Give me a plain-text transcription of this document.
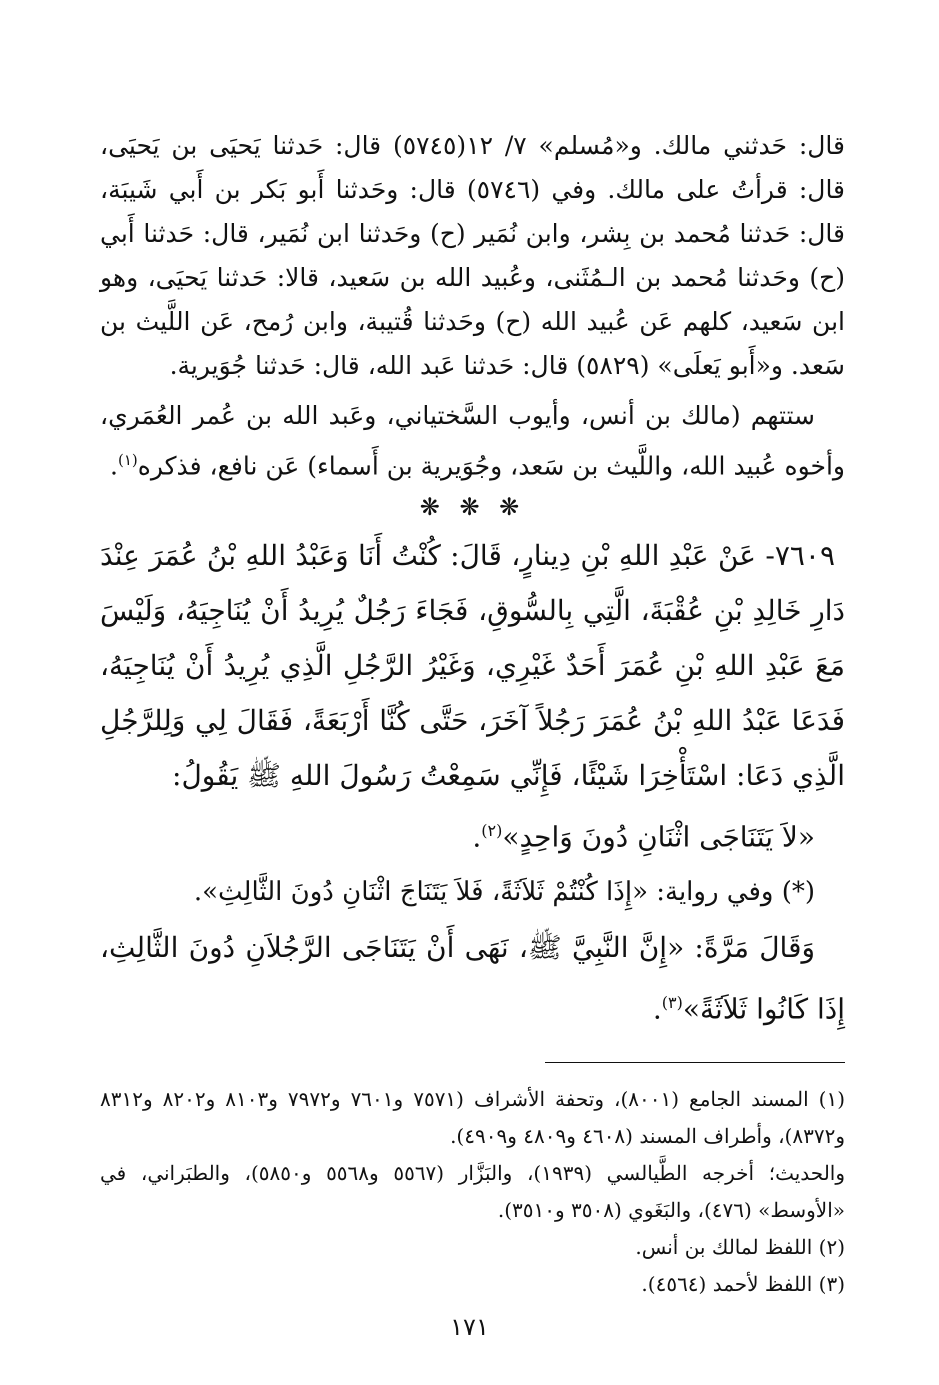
قال: حَدثني مالك. و«مُسلم» ٧/ ١٢(٥٧٤٥) قال: حَدثنا يَحيَى بن يَحيَى، قال: قرأتُ على مالك. وفي (٥٧٤٦) قال: وحَدثنا أَبو بَكر بن أَبي شَيبَة، قال: حَدثنا مُحمد بن بِشر، وابن نُمَير (ح) وحَدثنا ابن نُمَير، قال: حَدثنا أَبي (ح) وحَدثنا مُحمد بن الـمُثَنى، وعُبيد الله بن سَعيد، قالا: حَدثنا يَحيَى، وهو ابن سَعيد، كلهم عَن عُبيد الله (ح) وحَدثنا قُتيبة، وابن رُمح، عَن اللَّيث بن سَعد. و«أَبو يَعلَى» (٥٨٢٩) قال: حَدثنا عَبد الله، قال: حَدثنا جُوَيرية.

ستتهم (مالك بن أنس، وأيوب السَّختياني، وعَبد الله بن عُمر العُمَري، وأخوه عُبيد الله، واللَّيث بن سَعد، وجُوَيرية بن أَسماء) عَن نافع، فذكره$^{(١)}$.

❋ ❋ ❋

٧٦٠٩- عَنْ عَبْدِ اللهِ بْنِ دِينارٍ، قَالَ: كُنْتُ أَنَا وَعَبْدُ اللهِ بْنُ عُمَرَ عِنْدَ دَارِ خَالِدِ بْنِ عُقْبَةَ، الَّتِي بِالسُّوقِ، فَجَاءَ رَجُلٌ يُرِيدُ أَنْ يُنَاجِيَهُ، وَلَيْسَ مَعَ عَبْدِ اللهِ بْنِ عُمَرَ أَحَدٌ غَيْرِي، وَغَيْرُ الرَّجُلِ الَّذِي يُرِيدُ أَنْ يُنَاجِيَهُ، فَدَعَا عَبْدُ اللهِ بْنُ عُمَرَ رَجُلاً آخَرَ، حَتَّى كُنَّا أَرْبَعَةً، فَقَالَ لِي وَلِلرَّجُلِ الَّذِي دَعَا: اسْتَأْخِرَا شَيْئًا، فَإِنِّي سَمِعْتُ رَسُولَ اللهِ ﷺ يَقُولُ:

«لاَ يَتَنَاجَى اثْنَانِ دُونَ وَاحِدٍ»$^{(٢)}$.

(*) وفي رواية: «إِذَا كُنْتُمْ ثَلاَثَةً، فَلاَ يَتَنَاجَ اثْنَانِ دُونَ الثَّالِثِ».

وَقَالَ مَرَّةً: «إِنَّ النَّبِيَّ ﷺ، نَهَى أَنْ يَتَنَاجَى الرَّجُلاَنِ دُونَ الثَّالِثِ، إِذَا كَانُوا ثَلاَثَةً»$^{(٣)}$.

(١) المسند الجامع (٨٠٠١)، وتحفة الأشراف (٧٥٧١ و٧٦٠١ و٧٩٧٢ و٨١٠٣ و٨٢٠٢ و٨٣١٢ و٨٣٧٢)، وأطراف المسند (٤٦٠٨ و٤٨٠٩ و٤٩٠٩).

والحديث؛ أخرجه الطَّيالسي (١٩٣٩)، والبَزَّار (٥٥٦٧ و٥٥٦٨ و٥٨٥٠)، والطبَراني، في «الأوسط» (٤٧٦)، والبَغَوي (٣٥٠٨ و٣٥١٠).

(٢) اللفظ لمالك بن أنس.

(٣) اللفظ لأحمد (٤٥٦٤).

١٧١
